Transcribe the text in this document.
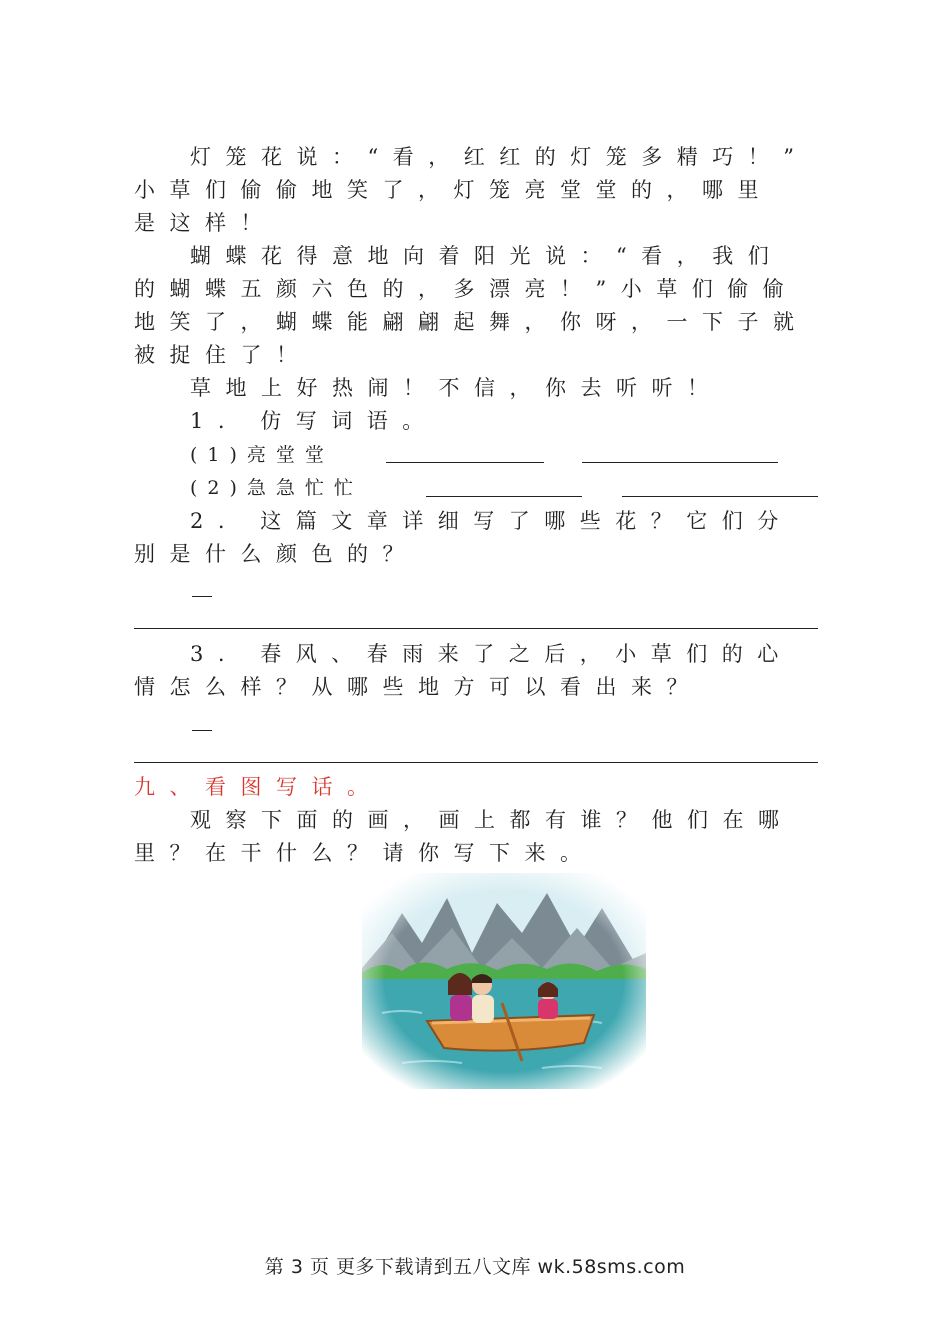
灯笼花说：“看，红红的灯笼多精巧！”
小草们偷偷地笑了，灯笼亮堂堂的，哪里
是这样！
蝴蝶花得意地向着阳光说：“看，我们
的蝴蝶五颜六色的，多漂亮！”小草们偷偷
地笑了，蝴蝶能翩翩起舞，你呀，一下子就
被捉住了！
草地上好热闹！不信，你去听听！
1. 仿写词语。
(1)亮堂堂
(2)急急忙忙
2. 这篇文章详细写了哪些花？它们分
别是什么颜色的？
3. 春风、春雨来了之后，小草们的心
情怎么样？从哪些地方可以看出来？
九、看图写话。
观察下面的画，画上都有谁？他们在哪
里？在干什么？请你写下来。
第 3 页 更多下载请到五八文库 wk.58sms.com
